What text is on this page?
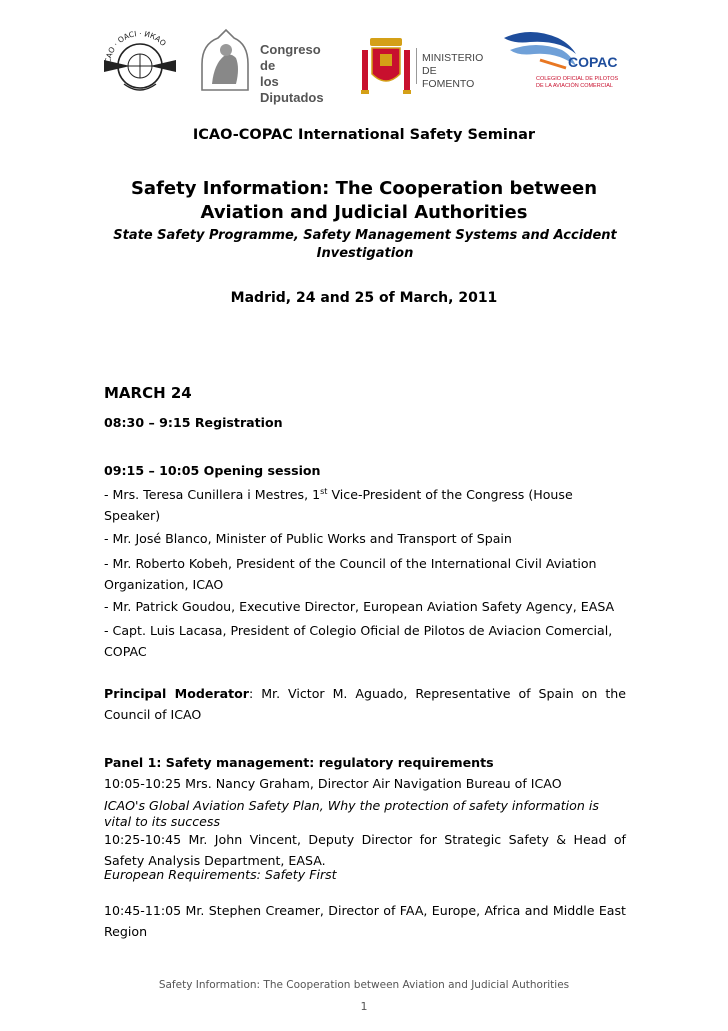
ICAO · OACI · ИКАО	Congreso de
los Diputados
MINISTERIO
DE FOMENTO
COPAC
COLEGIO OFICIAL DE PILOTOS
DE LA AVIACIÓN COMERCIAL
ICAO-COPAC International Safety Seminar
Safety Information: The Cooperation between
Aviation and Judicial Authorities
State Safety Programme, Safety Management Systems and Accident
Investigation
Madrid, 24 and 25 of March, 2011
MARCH 24
08:30 – 9:15 Registration
09:15 – 10:05 Opening session
- Mrs. Teresa Cunillera i Mestres, 1st Vice-President of the Congress (House Speaker)
- Mr. José Blanco, Minister of Public Works and Transport of Spain
- Mr. Roberto Kobeh, President of the Council of the International Civil Aviation Organization, ICAO
- Mr. Patrick Goudou, Executive Director, European Aviation Safety Agency, EASA
- Capt. Luis Lacasa, President of Colegio Oficial de Pilotos de Aviacion Comercial, COPAC
Principal Moderator: Mr. Victor M. Aguado, Representative of Spain on the Council of ICAO
Panel 1: Safety management: regulatory requirements
10:05-10:25 Mrs. Nancy Graham, Director Air Navigation Bureau of ICAO
ICAO's Global Aviation Safety Plan, Why the protection of safety information is vital to its success
10:25-10:45 Mr. John Vincent, Deputy Director for Strategic Safety & Head of Safety Analysis Department, EASA.
European Requirements: Safety First
10:45-11:05 Mr. Stephen Creamer, Director of FAA, Europe, Africa and Middle East Region
Safety Information: The Cooperation between Aviation and Judicial Authorities
1
